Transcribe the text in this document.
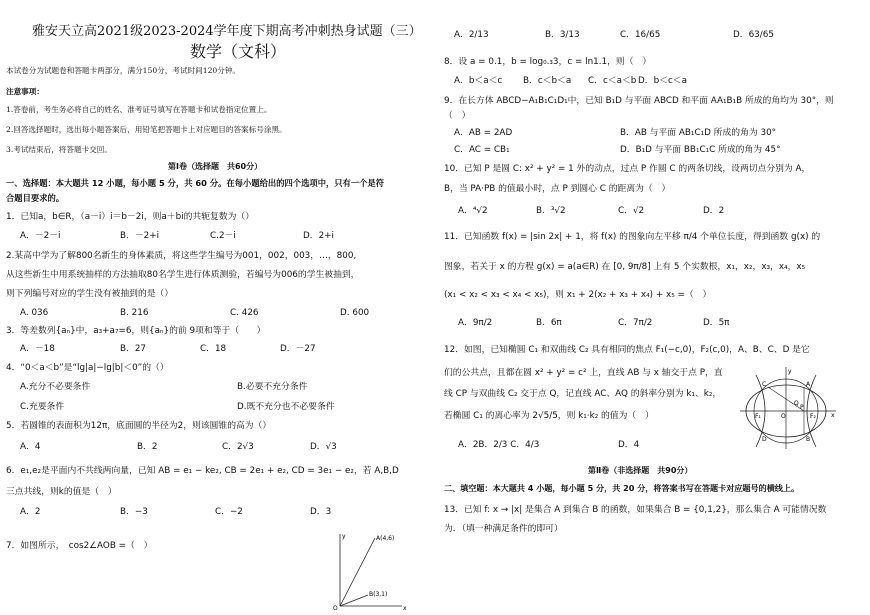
雅安天立高2021级2023-2024学年度下期高考冲刺热身试题（三）
数学（文科）
本试卷分为试题卷和答题卡两部分，满分150分，考试时间120分钟。
注意事项：
1.答卷前，考生务必将自己的姓名、准考证号填写在答题卡和试卷指定位置上。
2.回答选择题时，选出每小题答案后，用铅笔把答题卡上对应题目的答案标号涂黑。
3.考试结束后，将答题卡交回。
第Ⅰ卷（选择题　共60分）
一、选择题：本大题共 12 小题，每小题 5 分，共 60 分。在每小题给出的四个选项中，只有一个是符
合题目要求的。
1．已知a，b∈R，（a－i）i＝b－2i，则a＋bi的共轭复数为（）
A．－2－i	B．－2+i	C.2－i	D．2+i
2.某高中学为了解800名新生的身体素质，将这些学生编号为001，002，003，…，800,
从这些新生中用系统抽样的方法抽取80名学生进行体质测验，若编号为006的学生被抽到，
则下列编号对应的学生没有被抽到的是（）
A. 036	B. 216	C. 426	D. 600
3．等差数列{aₙ}中，a₃+a₇=6，则{aₙ}的前 9项和等于（　　）
A．－18	B．27	C．18	D．－27
4．“0＜a＜b”是“lg|a|−lg|b|＜0”的（）
A.充分不必要条件	B.必要不充分条件
C.充要条件	D.既不充分也不必要条件
5．若圆锥的表面积为12π，底面圆的半径为2，则该圆锥的高为（）
A．4	B．2	C．2√3	D．√3
6．e₁,e₂是平面内不共线两向量，已知 AB = e₁ − ke₂, CB = 2e₁ + e₂, CD = 3e₁ − e₂，若 A,B,D
三点共线，则k的值是（　）
A．2	B．−3	C．−2	D．3
7．如图所示，　cos2∠AOB =（　）
A(4,6)
B(3,1)
O	x
y
A．2/13	B．3/13	C．16/65	D．63/65
8．设 a = 0.1，b = log₀.₃3，c = ln1.1，则（　）
A．b＜a＜c B．c＜b＜a C．c＜a＜b D．b＜c＜a
9．在长方体 ABCD−A₁B₁C₁D₁中，已知 B₁D 与平面 ABCD 和平面 AA₁B₁B 所成的角均为 30°，则
（　）
A．AB = 2AD	B．AB 与平面 AB₁C₁D 所成的角为 30°
C．AC = CB₁	D．B₁D 与平面 BB₁C₁C 所成的角为 45°
10．已知 P 是圆 C: x² + y² = 1 外的动点，过点 P 作圆 C 的两条切线，设两切点分别为 A，
B，当 PA·PB 的值最小时，点 P 到圆心 C 的距离为（　）
A．⁴√2	B．³√2	C．√2	D．2
11．已知函数 f(x) = |sin 2x| + 1，将 f(x) 的图象向左平移 π/4 个单位长度，得到函数 g(x) 的
图象，若关于 x 的方程 g(x) = a(a∈R) 在 [0, 9π/8] 上有 5 个实数根，x₁，x₂，x₃，x₄，x₅
(x₁ < x₂ < x₃ < x₄ < x₅)，则 x₁ + 2(x₂ + x₃ + x₄) + x₅ =（　）
A．9π/2	B．6π	C．7π/2	D．5π
12．如图，已知椭圆 C₁ 和双曲线 C₂ 具有相同的焦点 F₁(−c,0)，F₂(c,0)，A、B、C、D 是它
们的公共点，且都在圆 x² + y² = c² 上，直线 AB 与 x 轴交于点 P，直
线 CP 与双曲线 C₂ 交于点 Q，记直线 AC、AQ 的斜率分别为 k₁、k₂，
若椭圆 C₁ 的离心率为 2√5/5，则 k₁·k₂ 的值为（　）
A．2B．2/3 C．4/3	D．4
A
B
C
D
F₁	F₂
O
P
Q
x
y
第Ⅱ卷（非选择题　共90分）
二、填空题：本大题共 4 小题，每小题 5 分，共 20 分，将答案书写在答题卡对应题号的横线上。
13．已知 f: x → |x| 是集合 A 到集合 B 的函数，如果集合 B = {0,1,2}，那么集合 A 可能情况数
为．（填一种满足条件的即可）
